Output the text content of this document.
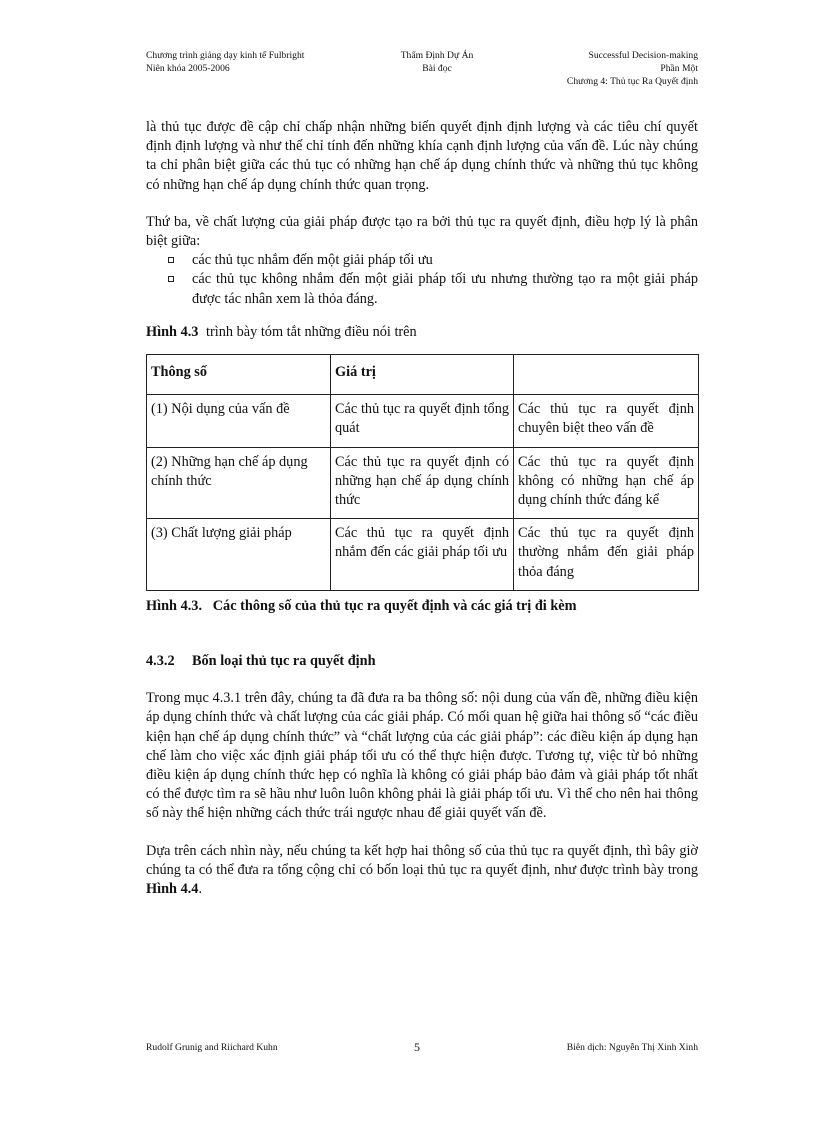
Chương trình giảng dạy kinh tế Fulbright
Niên khóa 2005-2006
Thẩm Định Dự Án
Bài đọc
Successful Decision-making
Phần Một
Chương 4: Thủ tục Ra Quyết định

là thủ tục được đề cập chỉ chấp nhận những biến quyết định định lượng và các tiêu chí quyết định định lượng và như thế chỉ tính đến những khía cạnh định lượng của vấn đề. Lúc này chúng ta chỉ phân biệt giữa các thủ tục có những hạn chế áp dụng chính thức và những thủ tục không có những hạn chế áp dụng chính thức quan trọng.

Thứ ba, về chất lượng của giải pháp được tạo ra bởi thủ tục ra quyết định, điều hợp lý là phân biệt giữa:

các thủ tục nhắm đến một giải pháp tối ưu
các thủ tục không nhắm đến một giải pháp tối ưu nhưng thường tạo ra một giải pháp được tác nhân xem là thỏa đáng.
Hình 4.3 trình bày tóm tắt những điều nói trên
Thông số	Giá trị	
(1) Nội dụng của vấn đề	Các thủ tục ra quyết định tổng quát	Các thủ tục ra quyết định chuyên biệt theo vấn đề
(2) Những hạn chế áp dụng chính thức	Các thủ tục ra quyết định có những hạn chế áp dụng chính thức	Các thủ tục ra quyết định không có những hạn chế áp dụng chính thức đáng kể
(3) Chất lượng giải pháp	Các thủ tục ra quyết định nhắm đến các giải pháp tối ưu	Các thủ tục ra quyết định thường nhắm đến giải pháp thỏa đáng
Hình 4.3.   Các thông số của thủ tục ra quyết định và các giá trị đi kèm
4.3.2 Bốn loại thủ tục ra quyết định

Trong mục 4.3.1 trên đây, chúng ta đã đưa ra ba thông số: nội dung của vấn đề, những điều kiện áp dụng chính thức và chất lượng của các giải pháp. Có mối quan hệ giữa hai thông số “các điều kiện hạn chế áp dụng chính thức” và “chất lượng của các giải pháp”: các điều kiện áp dụng hạn chế làm cho việc xác định giải pháp tối ưu có thể thực hiện được. Tương tự, việc từ bỏ những điều kiện áp dụng chính thức hẹp có nghĩa là không có giải pháp bảo đảm và giải pháp tốt nhất có thể được tìm ra sẽ hầu như luôn luôn không phải là giải pháp tối ưu. Vì thế cho nên hai thông số này thể hiện những cách thức trái ngược nhau để giải quyết vấn đề.

Dựa trên cách nhìn này, nếu chúng ta kết hợp hai thông số của thủ tục ra quyết định, thì bây giờ chúng ta có thể đưa ra tổng cộng chỉ có bốn loại thủ tục ra quyết định, như được trình bày trong Hình 4.4.

Rudolf Grunig and Riichard Kuhn	5	Biên dịch: Nguyễn Thị Xinh Xinh
